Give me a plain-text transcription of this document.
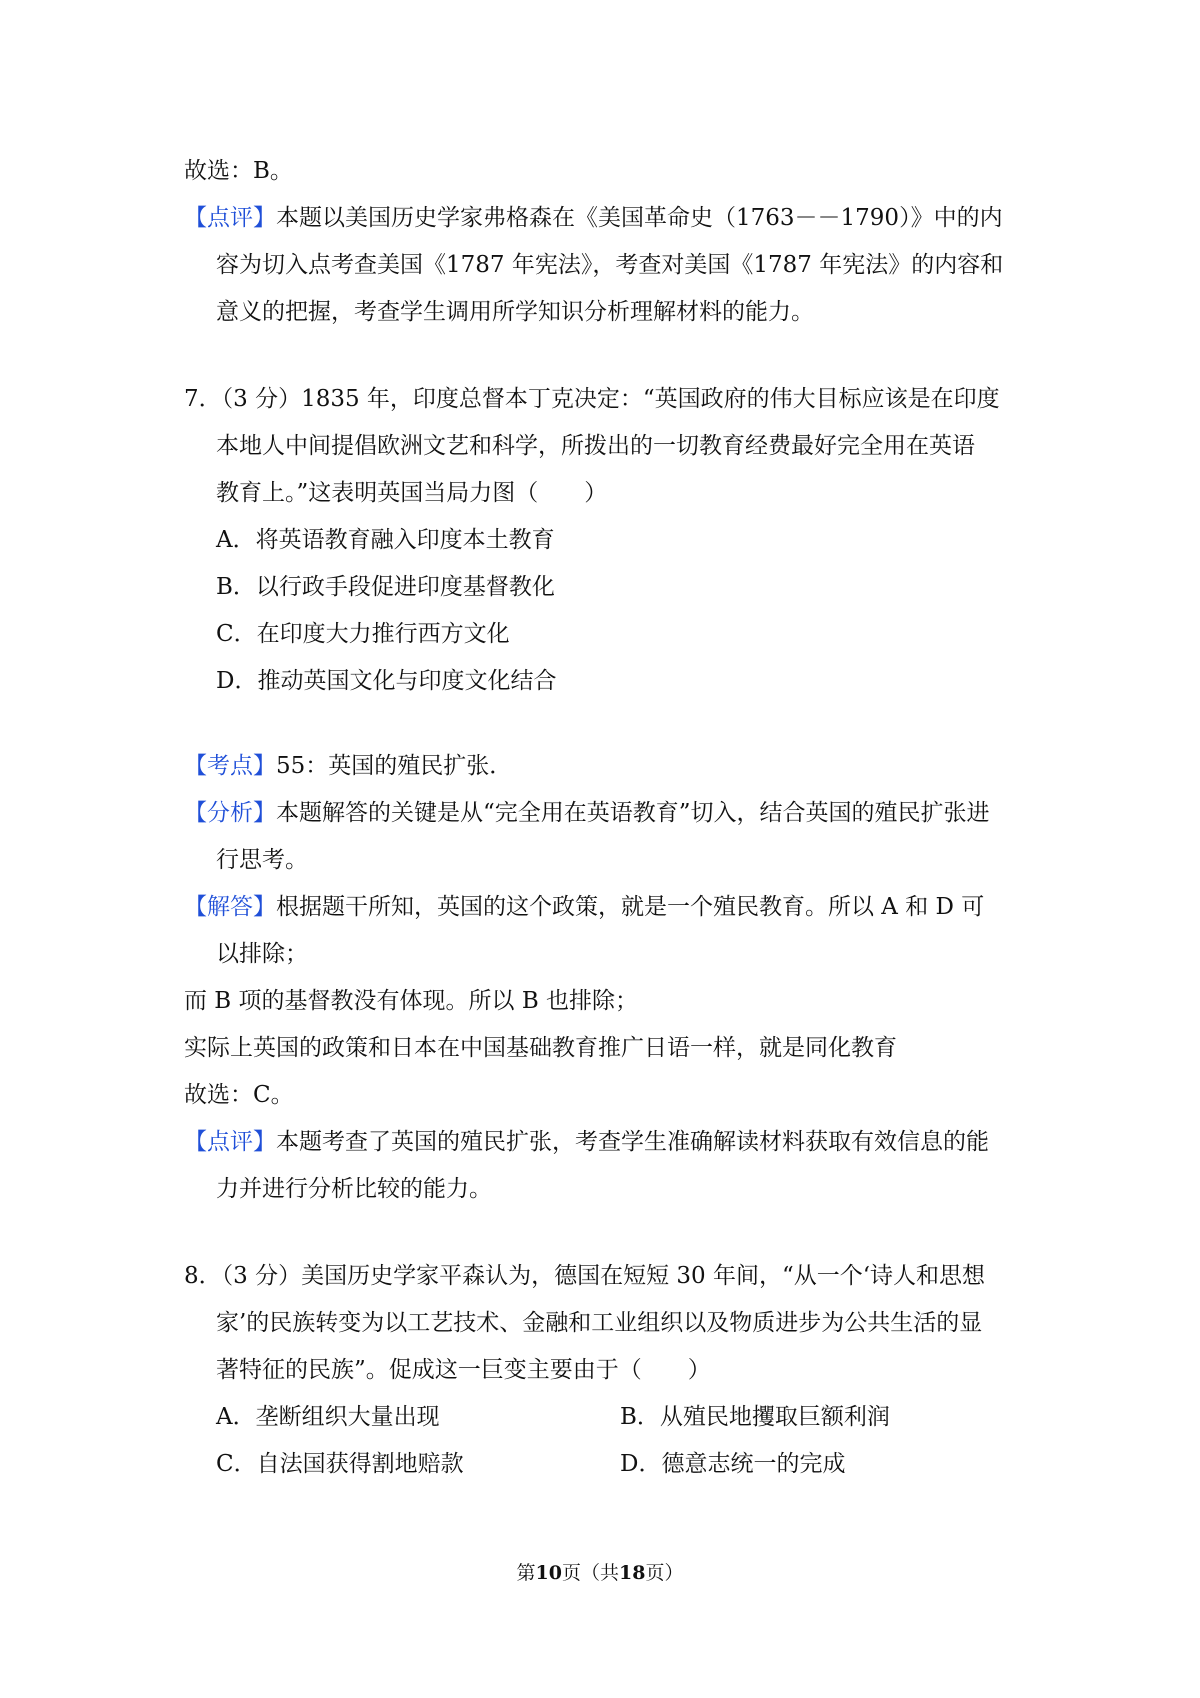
故选：B。
【点评】本题以美国历史学家弗格森在《美国革命史（1763－－1790）》中的内
容为切入点考查美国《1787 年宪法》，考查对美国《1787 年宪法》的内容和
意义的把握，考查学生调用所学知识分析理解材料的能力。
7．（3 分）1835 年，印度总督本丁克决定：“英国政府的伟大目标应该是在印度
本地人中间提倡欧洲文艺和科学，所拨出的一切教育经费最好完全用在英语
教育上。”这表明英国当局力图（　　）
A．将英语教育融入印度本土教育
B．以行政手段促进印度基督教化
C．在印度大力推行西方文化
D．推动英国文化与印度文化结合
【考点】55：英国的殖民扩张．
【分析】本题解答的关键是从“完全用在英语教育”切入，结合英国的殖民扩张进
行思考。
【解答】根据题干所知，英国的这个政策，就是一个殖民教育。所以 A 和 D 可
以排除；
而 B 项的基督教没有体现。所以 B 也排除；
实际上英国的政策和日本在中国基础教育推广日语一样，就是同化教育
故选：C。
【点评】本题考查了英国的殖民扩张，考查学生准确解读材料获取有效信息的能
力并进行分析比较的能力。
8．（3 分）美国历史学家平森认为，德国在短短 30 年间，“从一个‘诗人和思想
家’的民族转变为以工艺技术、金融和工业组织以及物质进步为公共生活的显
著特征的民族”。促成这一巨变主要由于（　　）
A．垄断组织大量出现	B．从殖民地攫取巨额利润
C．自法国获得割地赔款	D．德意志统一的完成
第10页（共18页）
